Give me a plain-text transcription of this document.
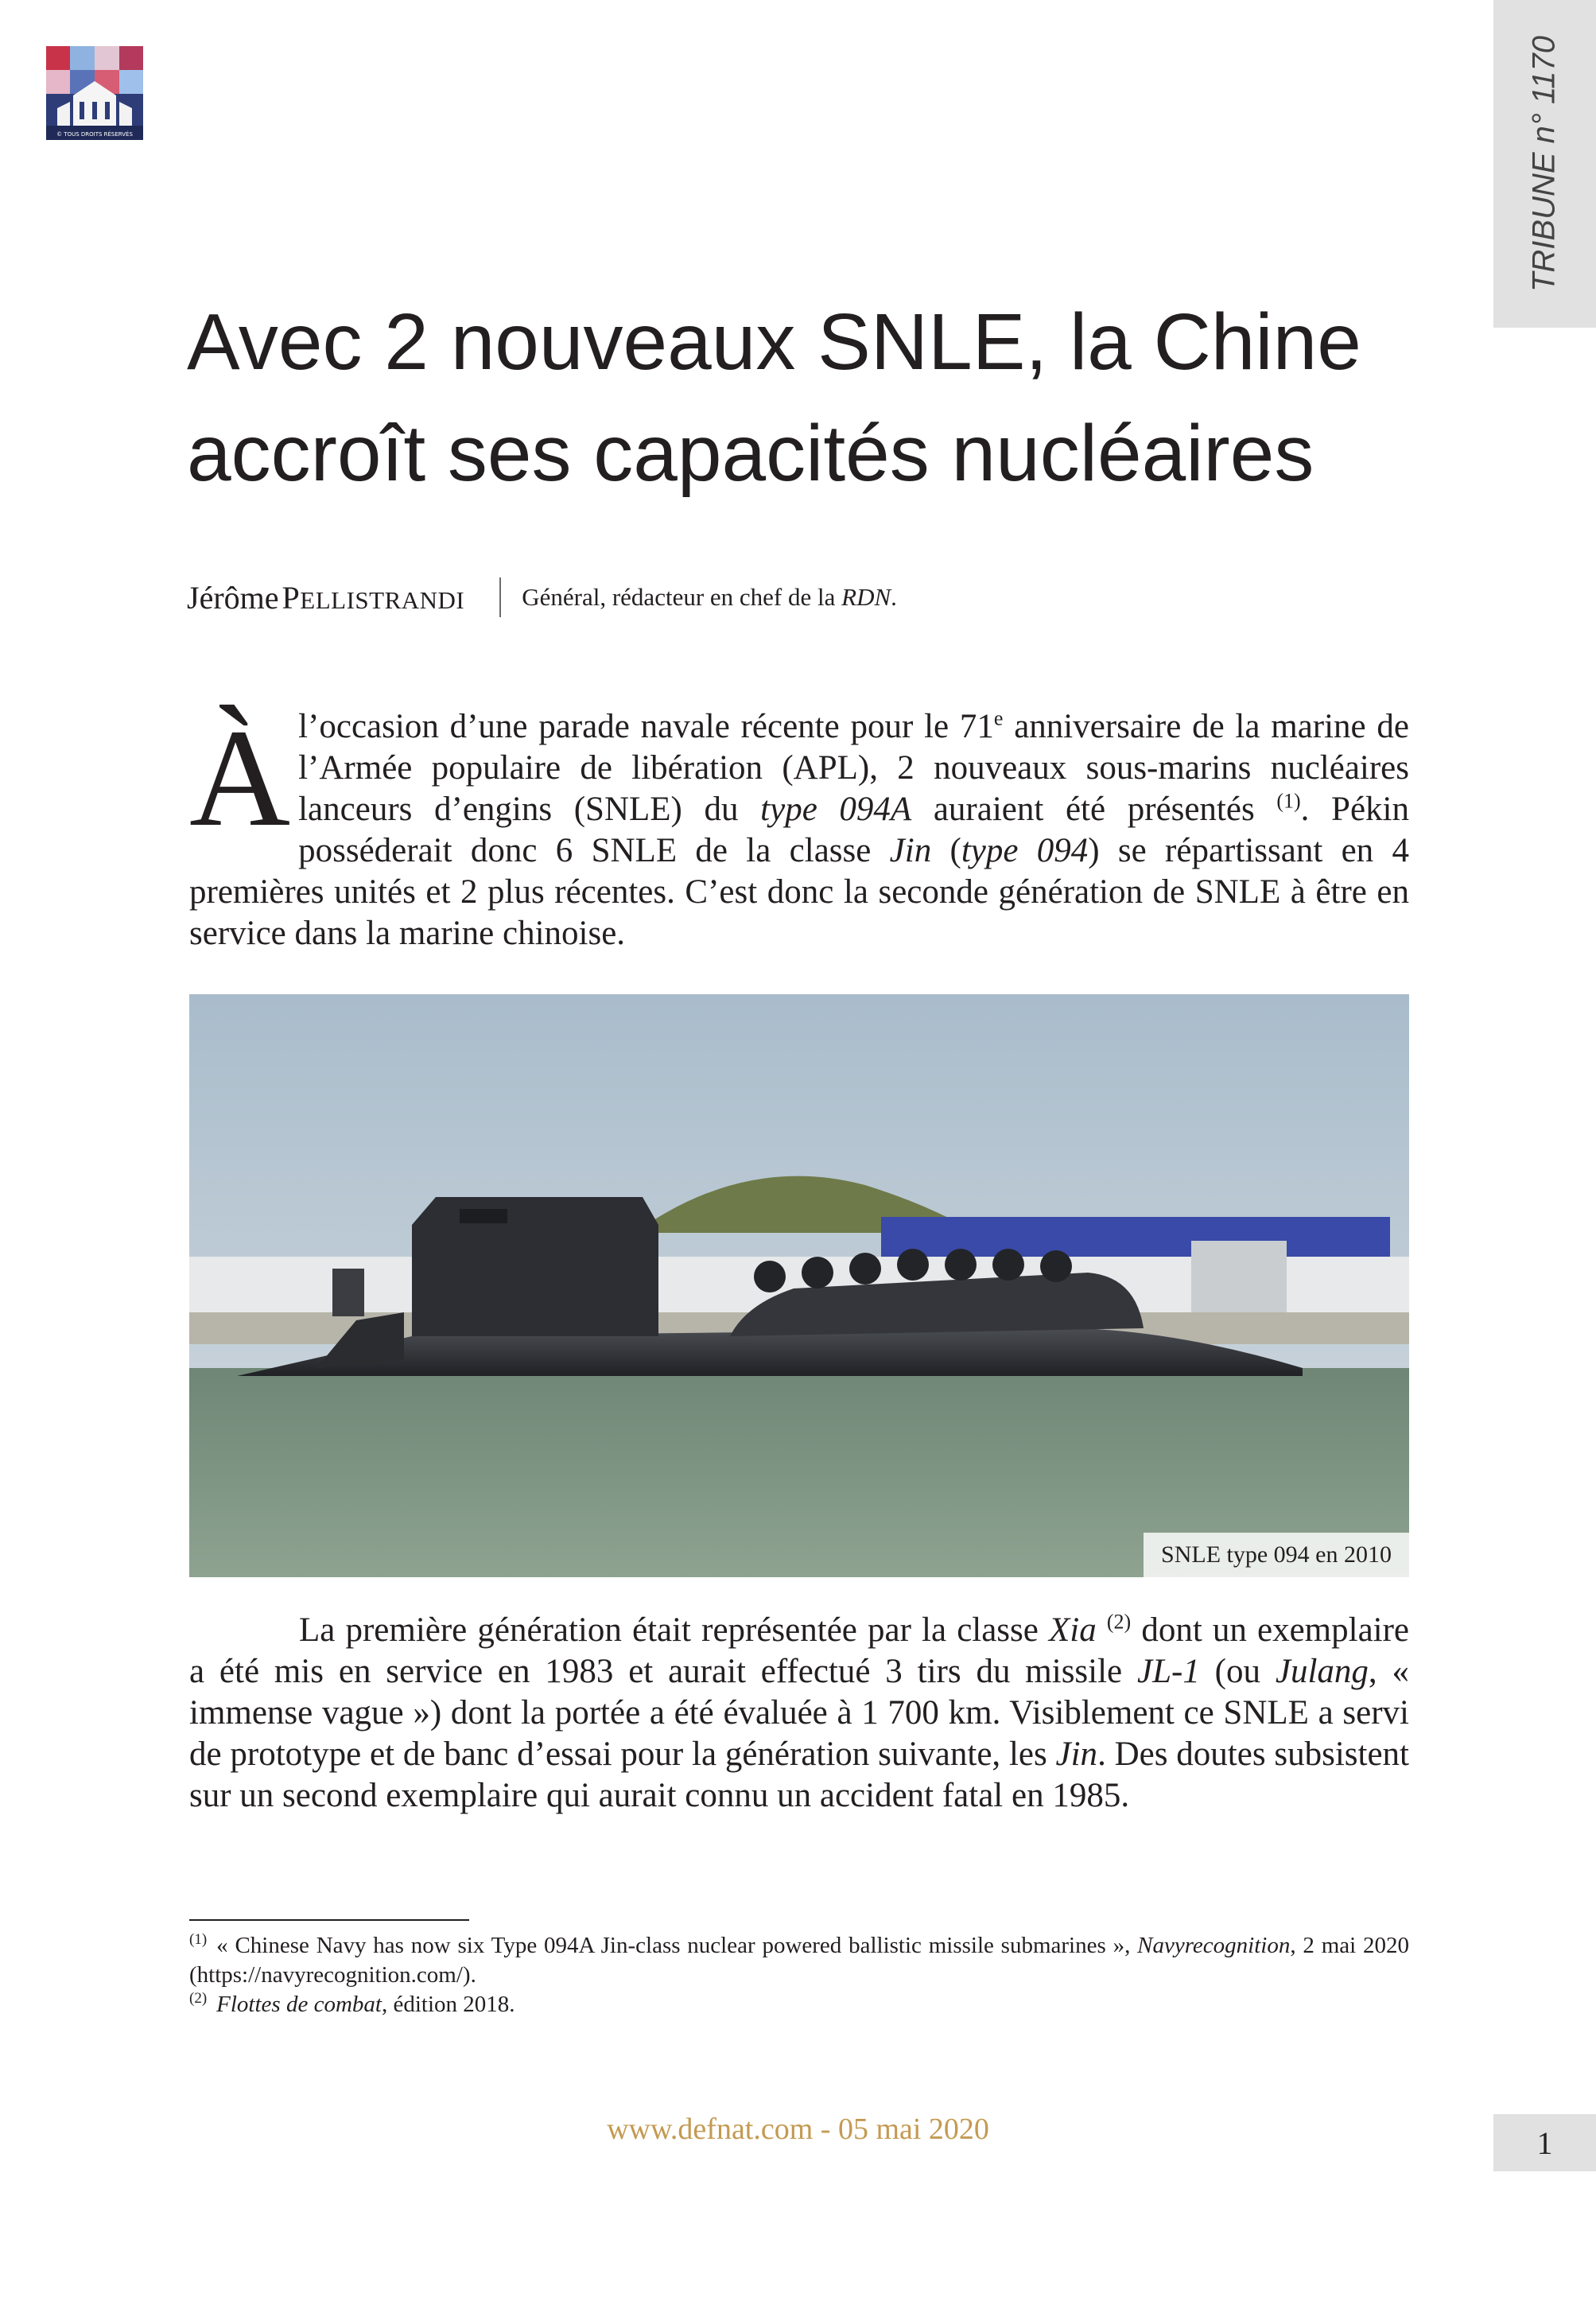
© TOUS DROITS RÉSERVÉS	TRIBUNE n° 1170
Avec 2 nouveaux SNLE, la Chine accroît ses capacités nucléaires
Jérôme
PELLISTRANDI Général, rédacteur en chef de la RDN.

À l’occasion d’une parade navale récente pour le 71e anniversaire de la marine de l’Armée populaire de libération (APL), 2 nouveaux sous-marins nucléaires lanceurs d’engins (SNLE) du type 094A auraient été présentés $^{(1)}$. Pékin posséderait donc 6 SNLE de la classe Jin (type 094) se répartissant en 4 premières unités et 2 plus récentes. C’est donc la seconde génération de SNLE à être en service dans la marine chinoise.

SNLE type 094 en 2010

La première génération était représentée par la classe Xia $^{(2)}$ dont un exemplaire a été mis en service en 1983 et aurait effectué 3 tirs du missile JL-1 (ou Julang, « immense vague ») dont la portée a été évaluée à 1 700 km. Visiblement ce SNLE a servi de prototype et de banc d’essai pour la génération suivante, les Jin. Des doutes subsistent sur un second exemplaire qui aurait connu un accident fatal en 1985.

$^{(1)}$ « Chinese Navy has now six Type 094A Jin-class nuclear powered ballistic missile submarines », Navyrecognition, 2 mai 2020 (https://navyrecognition.com/).

$^{(2)}$ Flottes de combat, édition 2018.

www.defnat.com - 05 mai 2020	1
